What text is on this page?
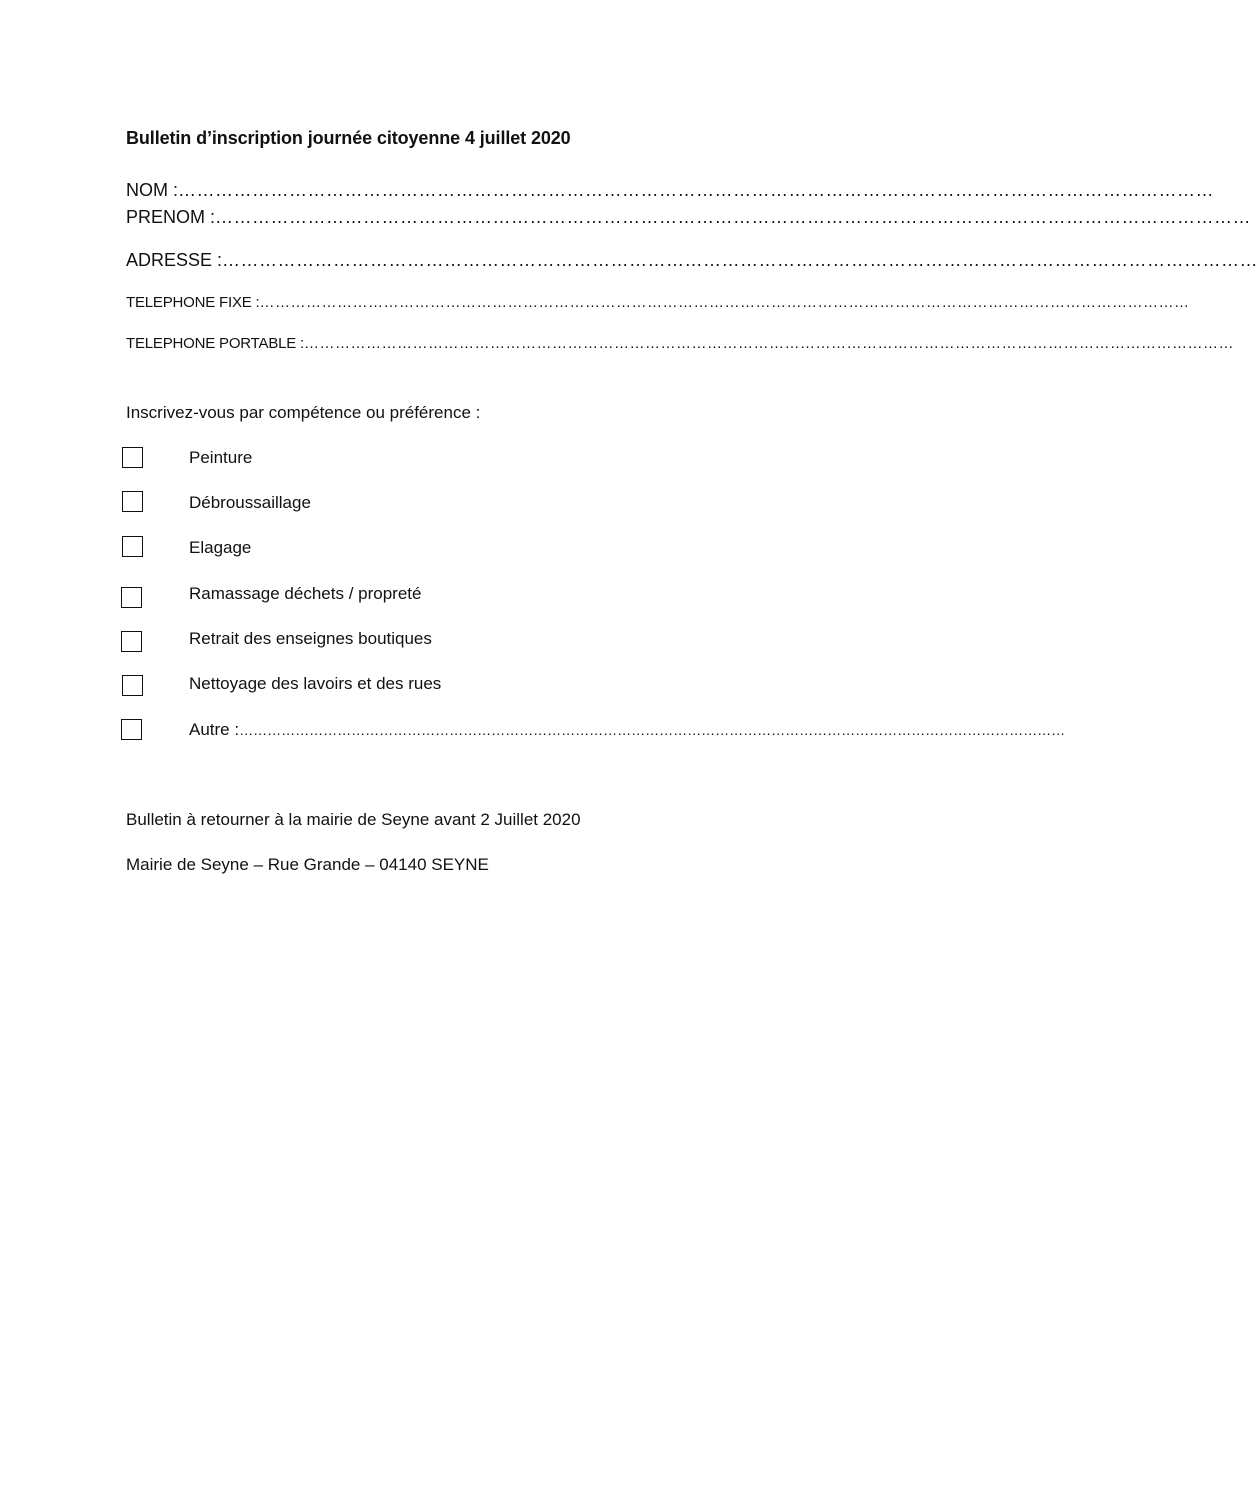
Bulletin d’inscription journée citoyenne 4 juillet 2020
NOM : ……………………………………………………………………………………………………………………………………………………
PRENOM : ……………………………………………………………………………………………………………………………………………………
ADRESSE : ……………………………………………………………………………………………………………………………………………………
TELEPHONE FIXE : ………………………………………………………………………………………………………………………………………………………………
TELEPHONE PORTABLE : ………………………………………………………………………………………………………………………………………………………………
Inscrivez-vous par compétence ou préférence :
Peinture
Débroussaillage
Elagage
Ramassage déchets / propreté
Retrait des enseignes boutiques
Nettoyage des lavoirs et des rues
Autre : ……………………………………………………………………………………………………………………………………………………………
Bulletin à retourner à la mairie de Seyne avant 2 Juillet 2020
Mairie de Seyne – Rue Grande – 04140 SEYNE
